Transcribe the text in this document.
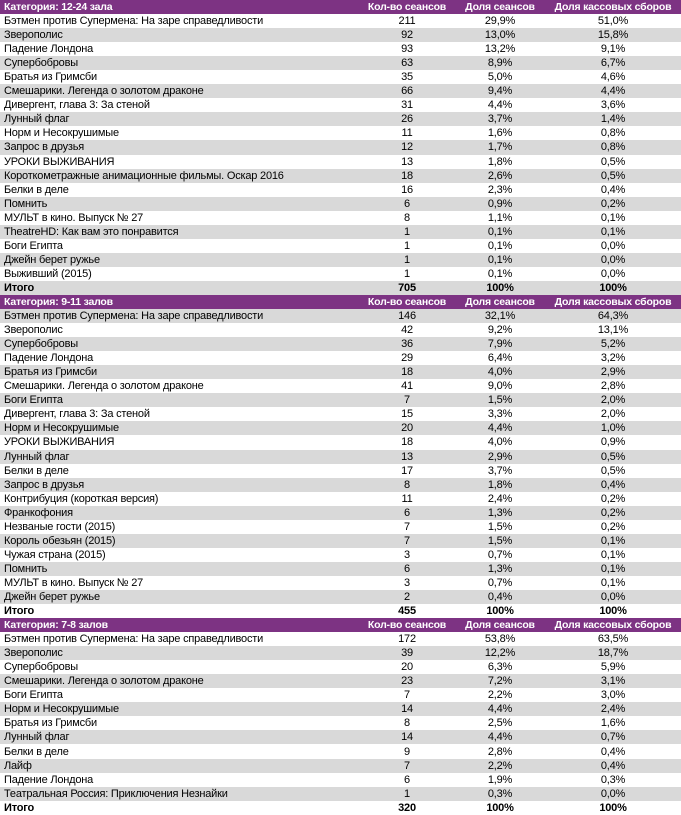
Категория: 12-24 зала	Кол-во сеансов	Доля сеансов	Доля кассовых сборов
Бэтмен против Супермена: На заре справедливости	211	29,9%	51,0%
Зверополис	92	13,0%	15,8%
Падение Лондона	93	13,2%	9,1%
Супербобровы	63	8,9%	6,7%
Братья из Гримсби	35	5,0%	4,6%
Смешарики. Легенда о золотом драконе	66	9,4%	4,4%
Дивергент, глава 3: За стеной	31	4,4%	3,6%
Лунный флаг	26	3,7%	1,4%
Норм и Несокрушимые	11	1,6%	0,8%
Запрос в друзья	12	1,7%	0,8%
УРОКИ ВЫЖИВАНИЯ	13	1,8%	0,5%
Короткометражные анимационные фильмы. Оскар 2016	18	2,6%	0,5%
Белки в деле	16	2,3%	0,4%
Помнить	6	0,9%	0,2%
МУЛЬТ в кино. Выпуск № 27	8	1,1%	0,1%
TheatreHD: Как вам это понравится	1	0,1%	0,1%
Боги Египта	1	0,1%	0,0%
Джейн берет ружье	1	0,1%	0,0%
Выживший (2015)	1	0,1%	0,0%
Итого	705	100%	100%
Категория: 9-11 залов	Кол-во сеансов	Доля сеансов	Доля кассовых сборов
Бэтмен против Супермена: На заре справедливости	146	32,1%	64,3%
Зверополис	42	9,2%	13,1%
Супербобровы	36	7,9%	5,2%
Падение Лондона	29	6,4%	3,2%
Братья из Гримсби	18	4,0%	2,9%
Смешарики. Легенда о золотом драконе	41	9,0%	2,8%
Боги Египта	7	1,5%	2,0%
Дивергент, глава 3: За стеной	15	3,3%	2,0%
Норм и Несокрушимые	20	4,4%	1,0%
УРОКИ ВЫЖИВАНИЯ	18	4,0%	0,9%
Лунный флаг	13	2,9%	0,5%
Белки в деле	17	3,7%	0,5%
Запрос в друзья	8	1,8%	0,4%
Контрибуция (короткая версия)	11	2,4%	0,2%
Франкофония	6	1,3%	0,2%
Незваные гости (2015)	7	1,5%	0,2%
Король обезьян (2015)	7	1,5%	0,1%
Чужая страна (2015)	3	0,7%	0,1%
Помнить	6	1,3%	0,1%
МУЛЬТ в кино. Выпуск № 27	3	0,7%	0,1%
Джейн берет ружье	2	0,4%	0,0%
Итого	455	100%	100%
Категория: 7-8 залов	Кол-во сеансов	Доля сеансов	Доля кассовых сборов
Бэтмен против Супермена: На заре справедливости	172	53,8%	63,5%
Зверополис	39	12,2%	18,7%
Супербобровы	20	6,3%	5,9%
Смешарики. Легенда о золотом драконе	23	7,2%	3,1%
Боги Египта	7	2,2%	3,0%
Норм и Несокрушимые	14	4,4%	2,4%
Братья из Гримсби	8	2,5%	1,6%
Лунный флаг	14	4,4%	0,7%
Белки в деле	9	2,8%	0,4%
Лайф	7	2,2%	0,4%
Падение Лондона	6	1,9%	0,3%
Театральная Россия: Приключения Незнайки	1	0,3%	0,0%
Итого	320	100%	100%
